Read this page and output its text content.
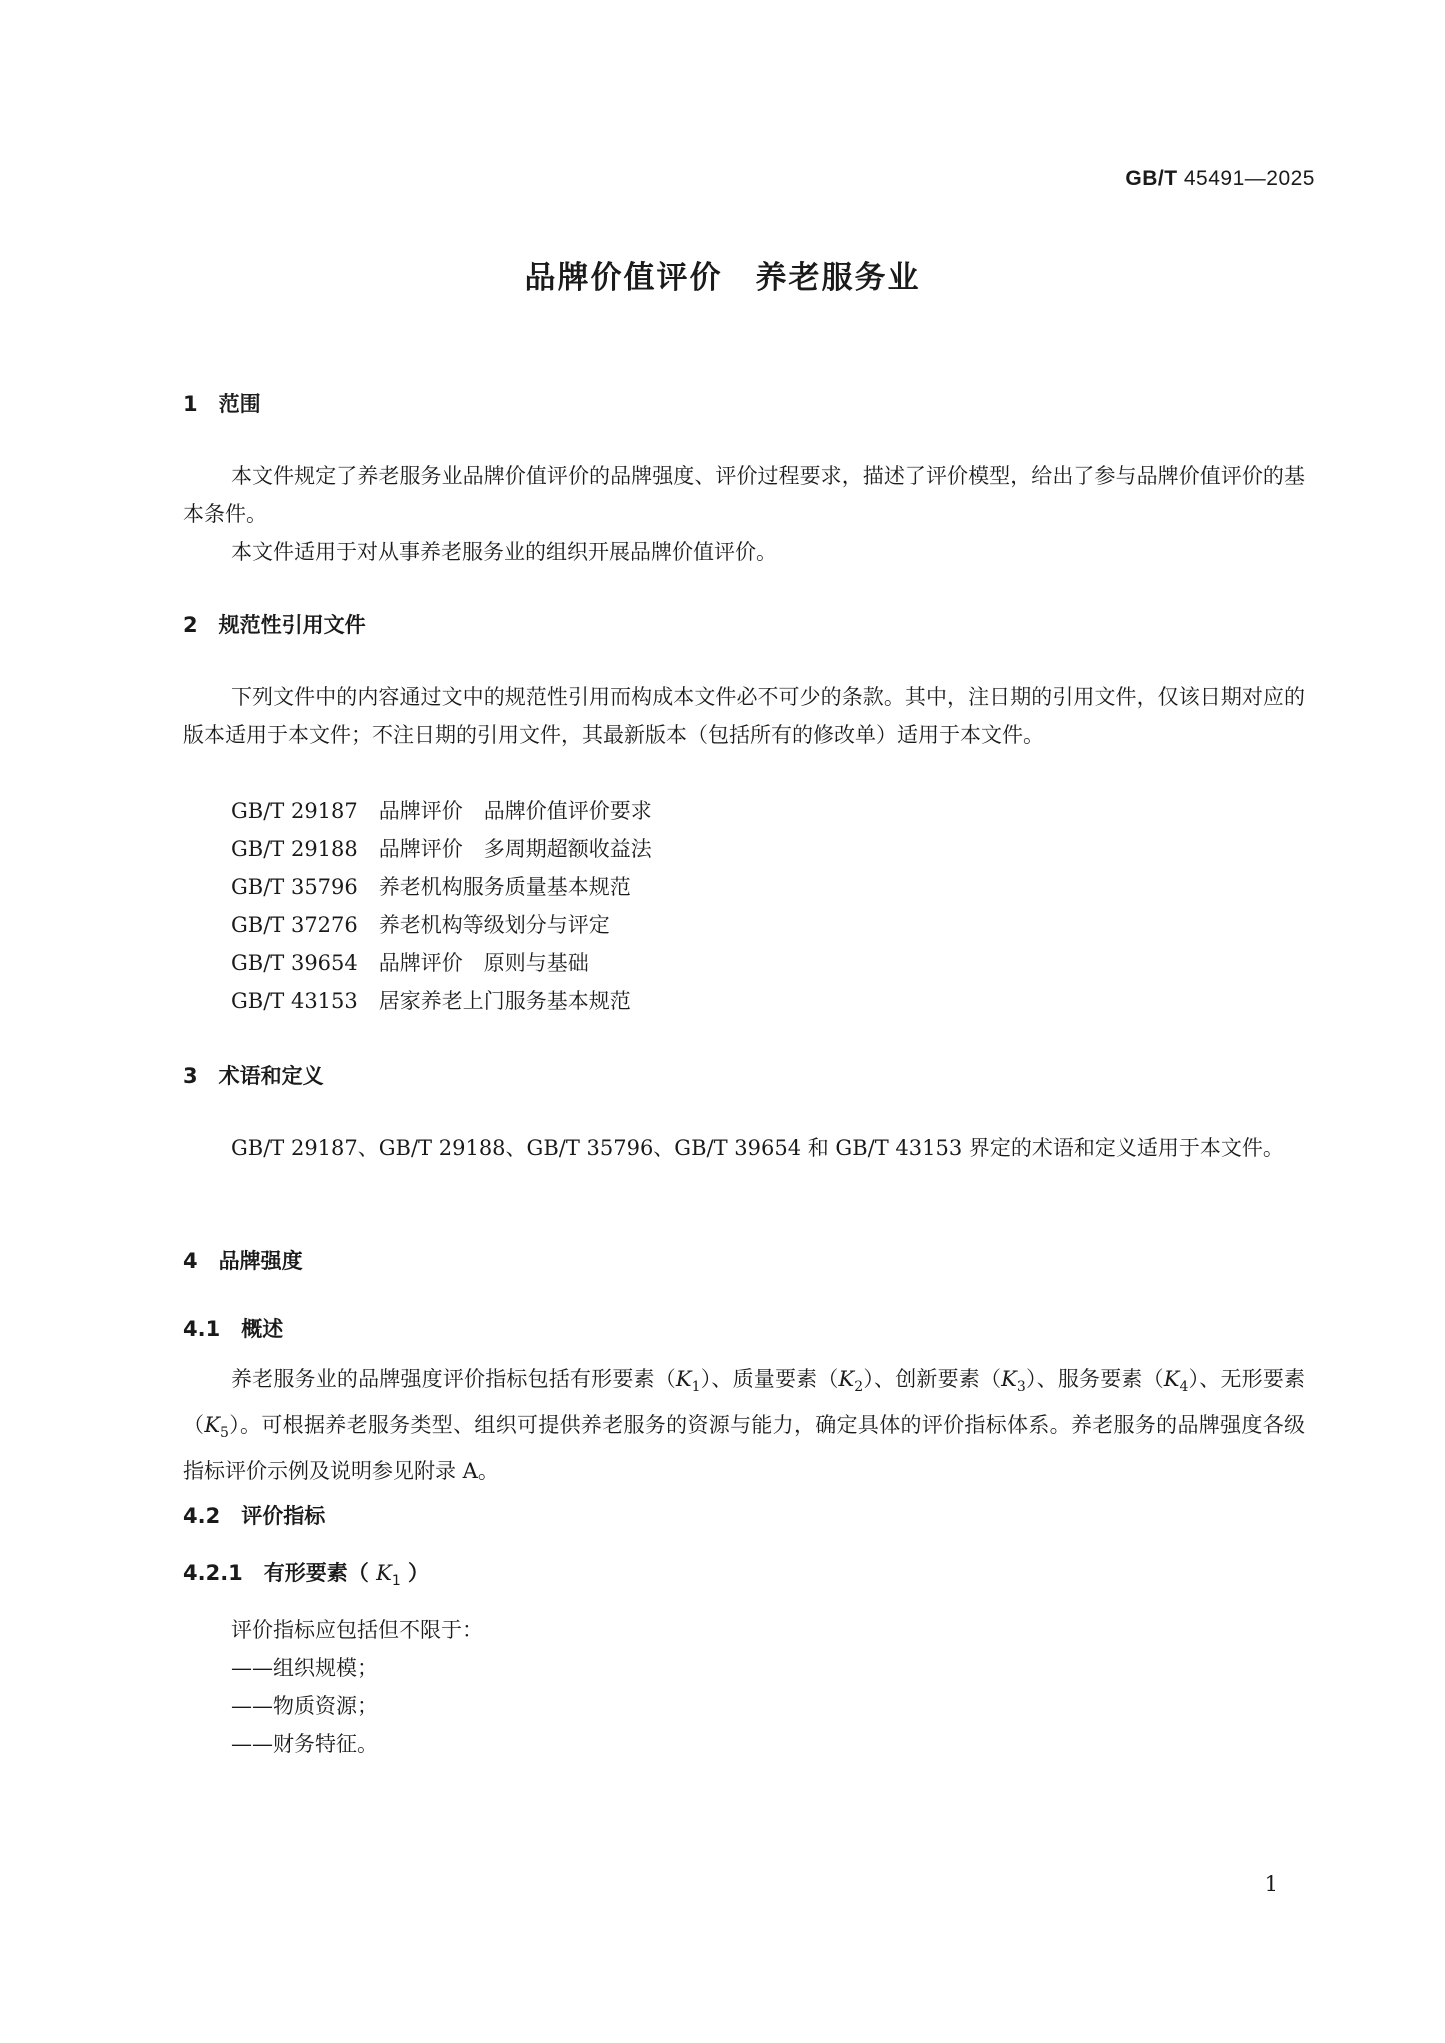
GB/T 45491—2025
品牌价值评价　养老服务业
1　范围
本文件规定了养老服务业品牌价值评价的品牌强度、评价过程要求，描述了评价模型，给出了参与品牌价值评价的基本条件。
本文件适用于对从事养老服务业的组织开展品牌价值评价。
2　规范性引用文件
下列文件中的内容通过文中的规范性引用而构成本文件必不可少的条款。其中，注日期的引用文件，仅该日期对应的版本适用于本文件；不注日期的引用文件，其最新版本（包括所有的修改单）适用于本文件。
GB/T 29187　品牌评价　品牌价值评价要求
GB/T 29188　品牌评价　多周期超额收益法
GB/T 35796　养老机构服务质量基本规范
GB/T 37276　养老机构等级划分与评定
GB/T 39654　品牌评价　原则与基础
GB/T 43153　居家养老上门服务基本规范
3　术语和定义
GB/T 29187、GB/T 29188、GB/T 35796、GB/T 39654 和 GB/T 43153 界定的术语和定义适用于本文件。
4　品牌强度
4.1　概述
养老服务业的品牌强度评价指标包括有形要素$(K_1)$、质量要素$(K_2)$、创新要素$(K_3)$、服务要素$(K_4)$、无形要素$(K_5)$。可根据养老服务类型、组织可提供养老服务的资源与能力，确定具体的评价指标体系。养老服务的品牌强度各级指标评价示例及说明参见附录 A。
4.2　评价指标
4.2.1　有形要素（ $K_1$ ）
评价指标应包括但不限于：
——组织规模；
——物质资源；
——财务特征。
1
